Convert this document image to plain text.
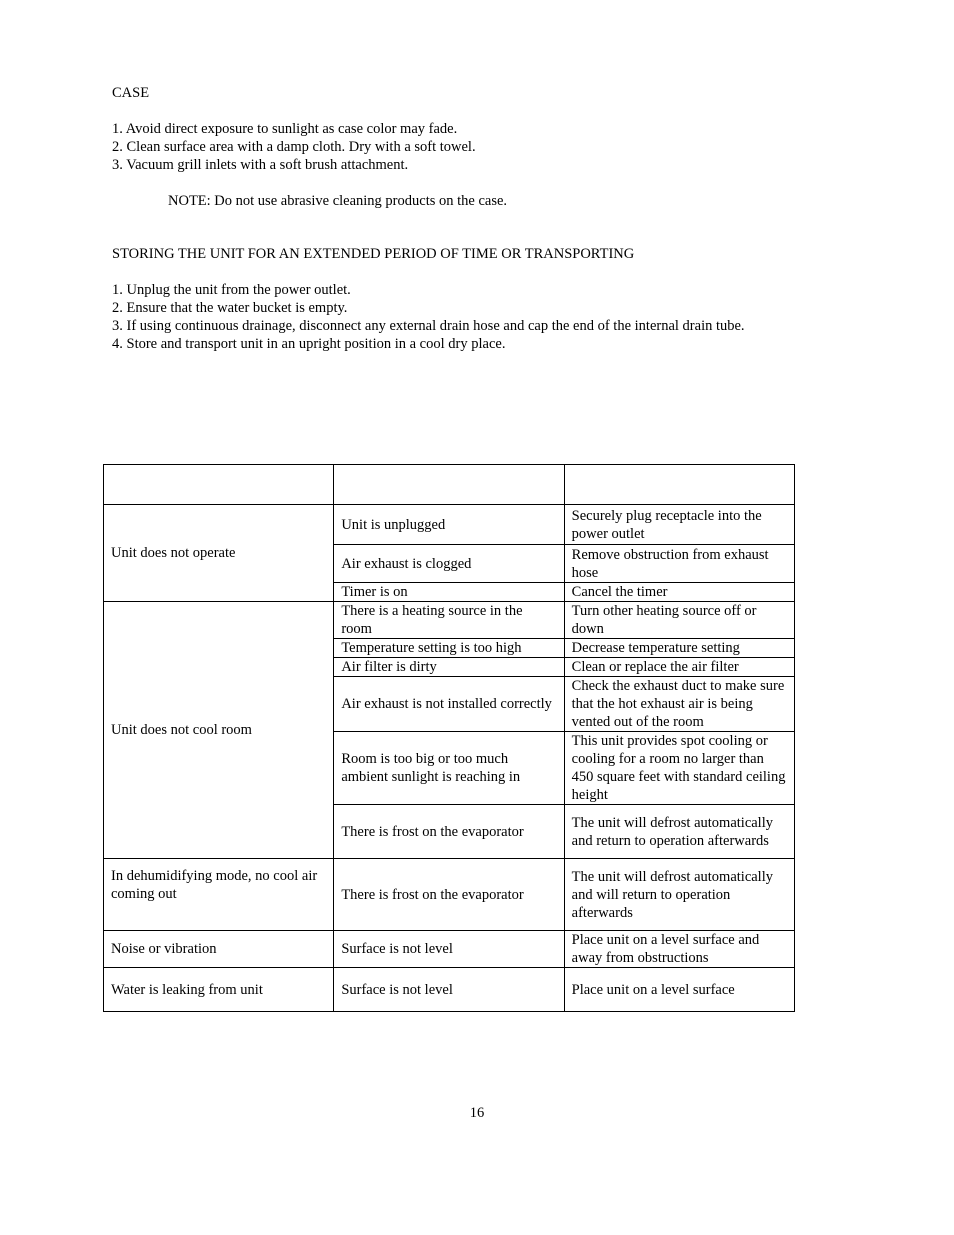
CASE
1. Avoid direct exposure to sunlight as case color may fade.
2. Clean surface area with a damp cloth. Dry with a soft towel.
3. Vacuum grill inlets with a soft brush attachment.
NOTE: Do not use abrasive cleaning products on the case.
STORING THE UNIT FOR AN EXTENDED PERIOD OF TIME OR TRANSPORTING
1. Unplug the unit from the power outlet.
2. Ensure that the water bucket is empty.
3. If using continuous drainage, disconnect any external drain hose and cap the end of the internal drain tube.
4. Store and transport unit in an upright position in a cool dry place.

Unit does not operate	Unit is unplugged	Securely plug receptacle into the power outlet
	Air exhaust is clogged	Remove obstruction from exhaust hose
	Timer is on	Cancel the timer
Unit does not cool room	There is a heating source in the room	Turn other heating source off or down
	Temperature setting is too high	Decrease temperature setting
	Air filter is dirty	Clean or replace the air filter
	Air exhaust is not installed correctly	Check the exhaust duct to make sure that the hot exhaust air is being vented out of the room
	Room is too big or too much ambient sunlight is reaching in	This unit provides spot cooling or cooling for a room no larger than 450 square feet with standard ceiling height
	There is frost on the evaporator	The unit will defrost automatically and return to operation afterwards
In dehumidifying mode, no cool air coming out	There is frost on the evaporator	The unit will defrost automatically and will return to operation afterwards
Noise or vibration	Surface is not level	Place unit on a level surface and away from obstructions
Water is leaking from unit	Surface is not level	Place unit on a level surface
16
